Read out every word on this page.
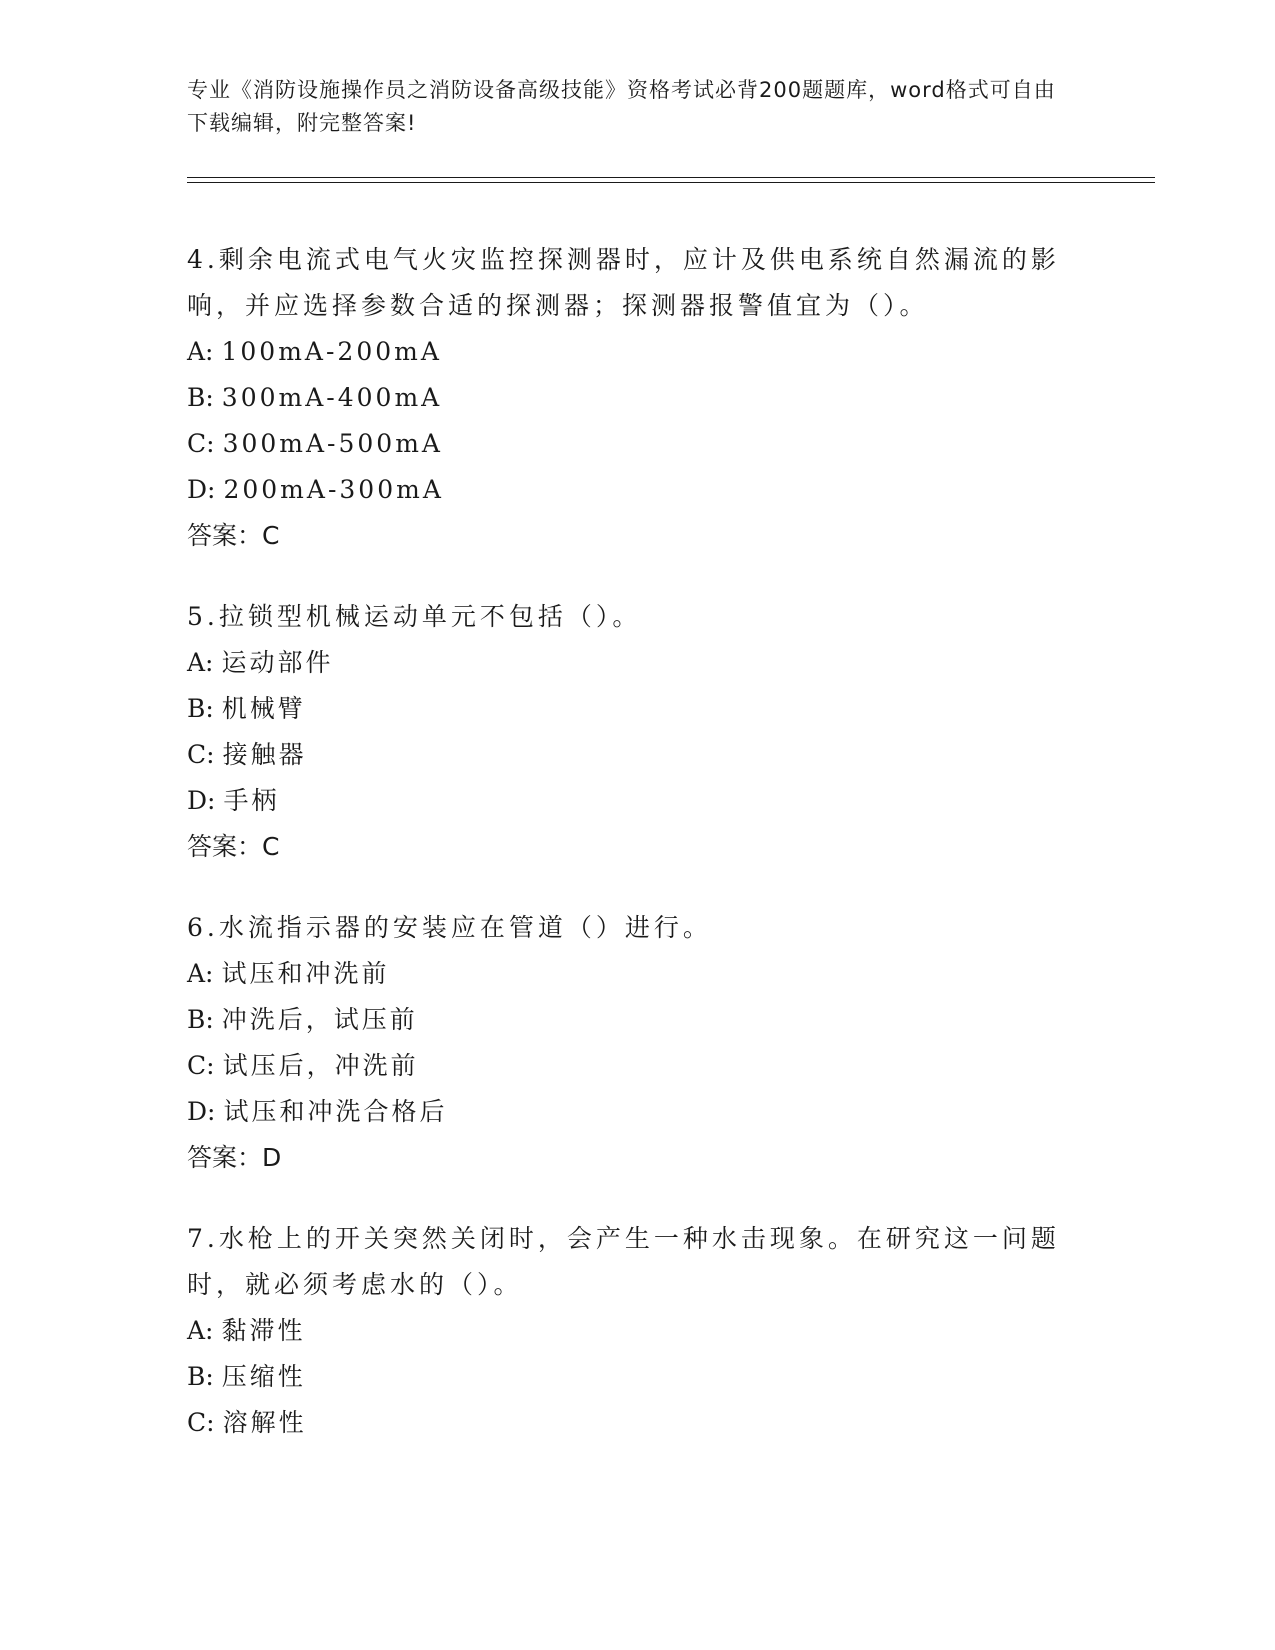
专业《消防设施操作员之消防设备高级技能》资格考试必背200题题库，word格式可自由下载编辑，附完整答案!

4.剩余电流式电气火灾监控探测器时，应计及供电系统自然漏流的影响，并应选择参数合适的探测器；探测器报警值宜为（）。

A: 100mA-200mA

B: 300mA-400mA

C: 300mA-500mA

D: 200mA-300mA

答案：C

5.拉锁型机械运动单元不包括（）。

A: 运动部件

B: 机械臂

C: 接触器

D: 手柄

答案：C

6.水流指示器的安装应在管道（）进行。

A: 试压和冲洗前

B: 冲洗后，试压前

C: 试压后，冲洗前

D: 试压和冲洗合格后

答案：D

7.水枪上的开关突然关闭时，会产生一种水击现象。在研究这一问题时，就必须考虑水的（）。

A: 黏滞性

B: 压缩性

C: 溶解性
